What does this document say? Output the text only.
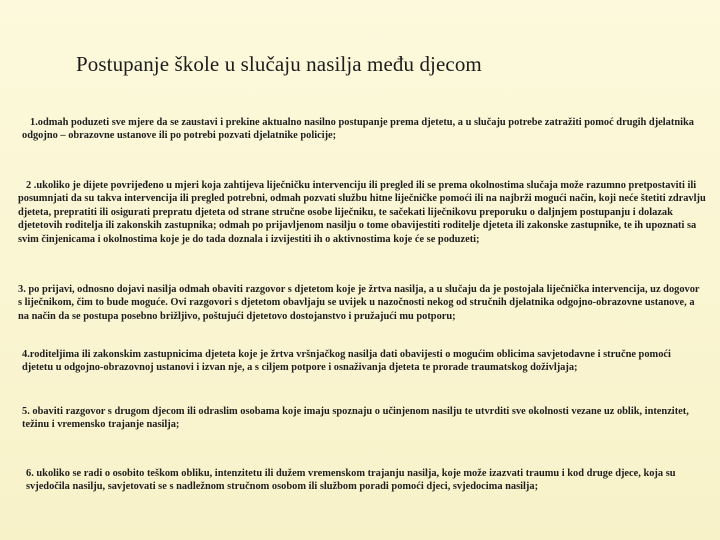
Postupanje škole u slučaju nasilja među djecom

1.odmah poduzeti sve mjere da se zaustavi i prekine aktualno nasilno postupanje prema djetetu, a u slučaju potrebe zatražiti pomoć drugih djelatnika odgojno – obrazovne ustanove ili po potrebi pozvati djelatnike policije;

2 .ukoliko je dijete povrijeđeno u mjeri koja zahtijeva liječničku intervenciju ili pregled ili se prema okolnostima slučaja može razumno pretpostaviti ili posumnjati da su takva intervencija ili pregled potrebni, odmah pozvati službu hitne liječničke pomoći ili na najbrži mogući način, koji neće štetiti zdravlju djeteta, prepratiti ili osigurati prepratu djeteta od strane stručne osobe liječniku, te sačekati liječnikovu preporuku o daljnjem postupanju i dolazak djetetovih roditelja ili zakonskih zastupnika; odmah po prijavljenom nasilju o tome obavijestiti roditelje djeteta ili zakonske zastupnike, te ih upoznati sa svim činjenicama i okolnostima koje je do tada doznala i izvijestiti ih o aktivnostima koje će se poduzeti;

3. po prijavi, odnosno dojavi nasilja odmah obaviti razgovor s djetetom koje je žrtva nasilja, a u slučaju da je postojala liječnička intervencija, uz dogovor s liječnikom, čim to bude moguće. Ovi razgovori s djetetom obavljaju se uvijek u nazočnosti nekog od stručnih djelatnika odgojno-obrazovne ustanove, a na način da se postupa posebno brižljivo, poštujući djetetovo dostojanstvo i pružajući mu potporu;

4.roditeljima ili zakonskim zastupnicima djeteta koje je žrtva vršnjačkog nasilja dati obavijesti o mogućim oblicima savjetodavne i stručne pomoći djetetu u odgojno-obrazovnoj ustanovi i izvan nje, a s ciljem potpore i osnaživanja djeteta te prorade traumatskog doživljaja;

5. obaviti razgovor s drugom djecom ili odraslim osobama koje imaju spoznaju o učinjenom nasilju te utvrditi sve okolnosti vezane uz oblik, intenzitet, težinu i vremensko trajanje nasilja;

6. ukoliko se radi o osobito teškom obliku, intenzitetu ili dužem vremenskom trajanju nasilja, koje može izazvati traumu i kod druge djece, koja su svjedočila nasilju, savjetovati se s nadležnom stručnom osobom ili službom poradi pomoći djeci, svjedocima nasilja;
